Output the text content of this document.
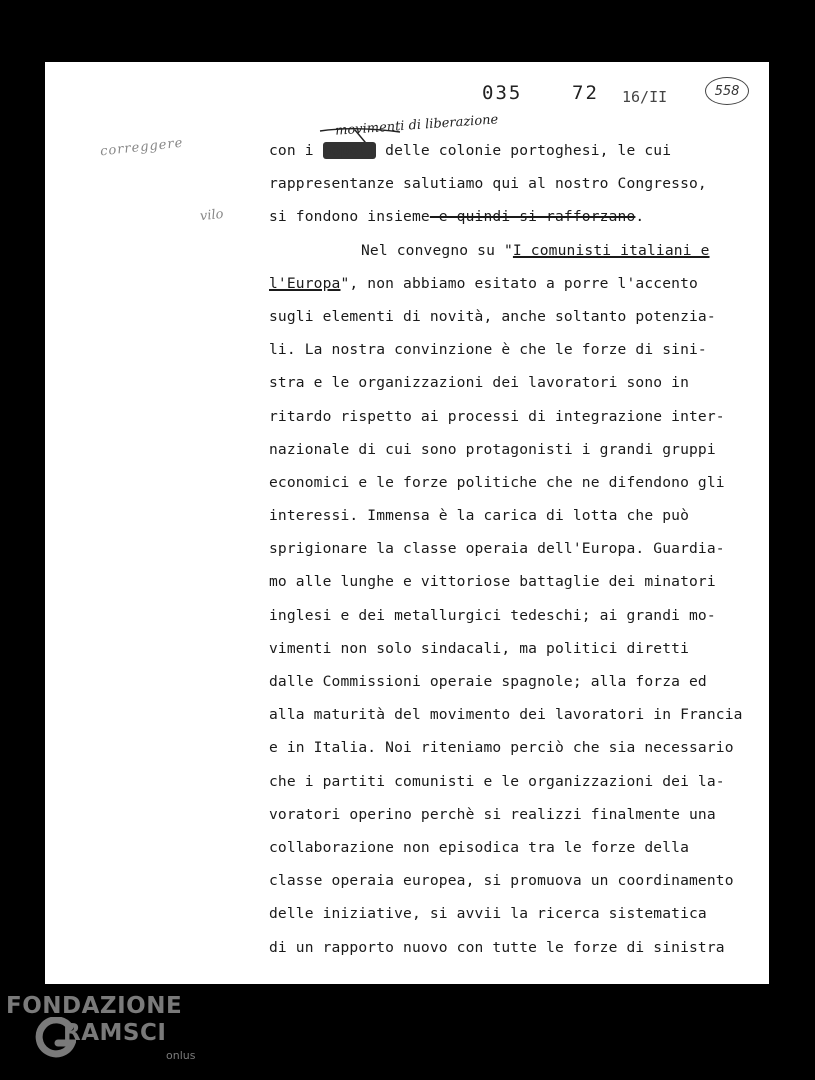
035	72 16/II	558
correggere
vilo
movimenti di liberazione
con i popoli delle colonie portoghesi, le cui
rappresentanze salutiamo qui al nostro Congresso,
si fondono insieme e quindi si rafforzano.
Nel convegno su "I comunisti italiani e
l'Europa", non abbiamo esitato a porre l'accento
sugli elementi di novità, anche soltanto potenzia-
li. La nostra convinzione è che le forze di sini-
stra e le organizzazioni dei lavoratori sono in
ritardo rispetto ai processi di integrazione inter-
nazionale di cui sono protagonisti i grandi gruppi
economici e le forze politiche che ne difendono gli
interessi. Immensa è la carica di lotta che può
sprigionare la classe operaia dell'Europa. Guardia-
mo alle lunghe e vittoriose battaglie dei minatori
inglesi e dei metallurgici tedeschi; ai grandi mo-
vimenti non solo sindacali, ma politici diretti
dalle Commissioni operaie spagnole; alla forza ed
alla maturità del movimento dei lavoratori in Francia
e in Italia. Noi riteniamo perciò che sia necessario
che i partiti comunisti e le organizzazioni dei la-
voratori operino perchè si realizzi finalmente una
collaborazione non episodica tra le forze della
classe operaia europea, si promuova un coordinamento
delle iniziative, si avvii la ricerca sistematica
di un rapporto nuovo con tutte le forze di sinistra
FONDAZIONE
RAMSCI
onlus
